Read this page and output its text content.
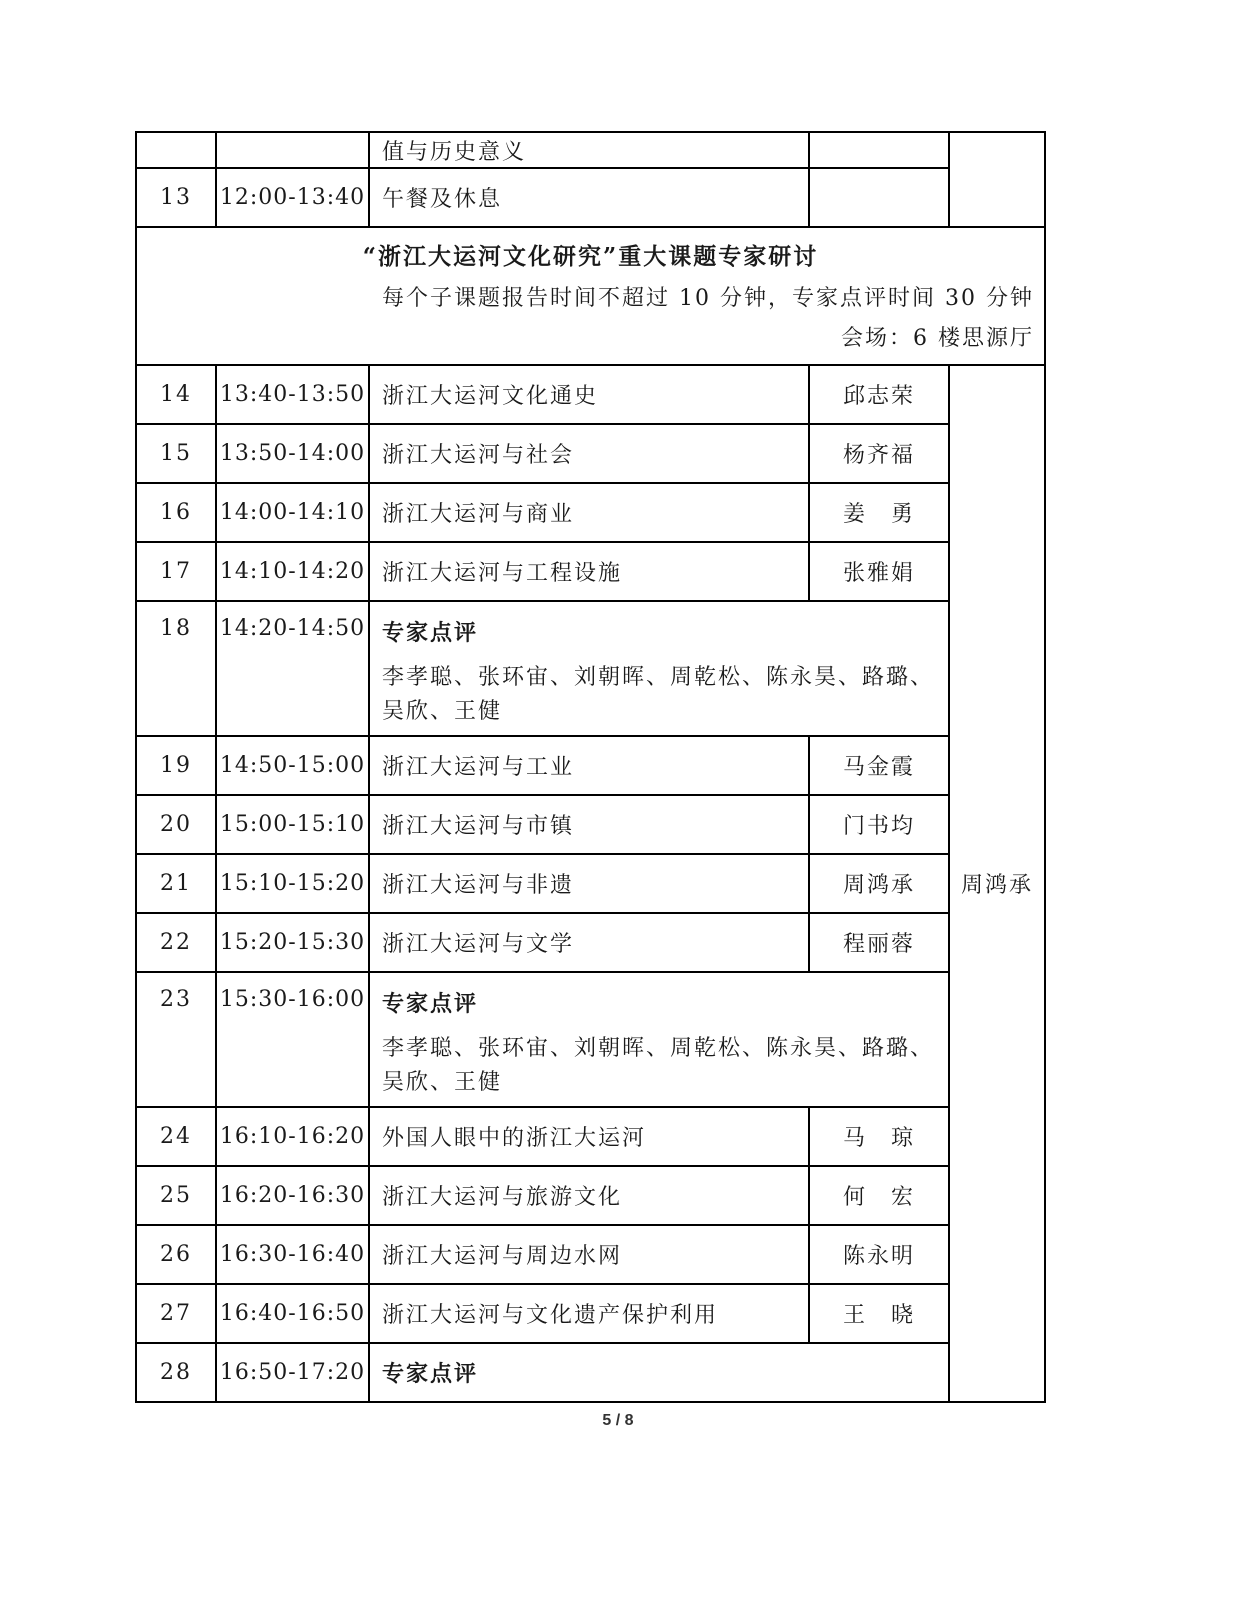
		值与历史意义		
13	12:00-13:40	午餐及休息		

“浙江大运河文化研究”重大课题专家研讨
每个子课题报告时间不超过 10 分钟，专家点评时间 30 分钟
会场：6 楼思源厅				

14	13:40-13:50	浙江大运河文化通史	邱志荣	周鸿承
15	13:50-14:00	浙江大运河与社会	杨齐福	
16	14:00-14:10	浙江大运河与商业	姜　勇	
17	14:10-14:20	浙江大运河与工程设施	张雅娟	
18	14:20-14:50	专家点评
李孝聪、张环宙、刘朝晖、周乾松、陈永昊、路璐、吴欣、王健		

19	14:50-15:00	浙江大运河与工业	马金霞	
20	15:00-15:10	浙江大运河与市镇	门书均	
21	15:10-15:20	浙江大运河与非遗	周鸿承	
22	15:20-15:30	浙江大运河与文学	程丽蓉	
23	15:30-16:00	专家点评
李孝聪、张环宙、刘朝晖、周乾松、陈永昊、路璐、吴欣、王健		

24	16:10-16:20	外国人眼中的浙江大运河	马　琼	
25	16:20-16:30	浙江大运河与旅游文化	何　宏	
26	16:30-16:40	浙江大运河与周边水网	陈永明	
27	16:40-16:50	浙江大运河与文化遗产保护利用	王　晓	
28	16:50-17:20	专家点评		
5 / 8
